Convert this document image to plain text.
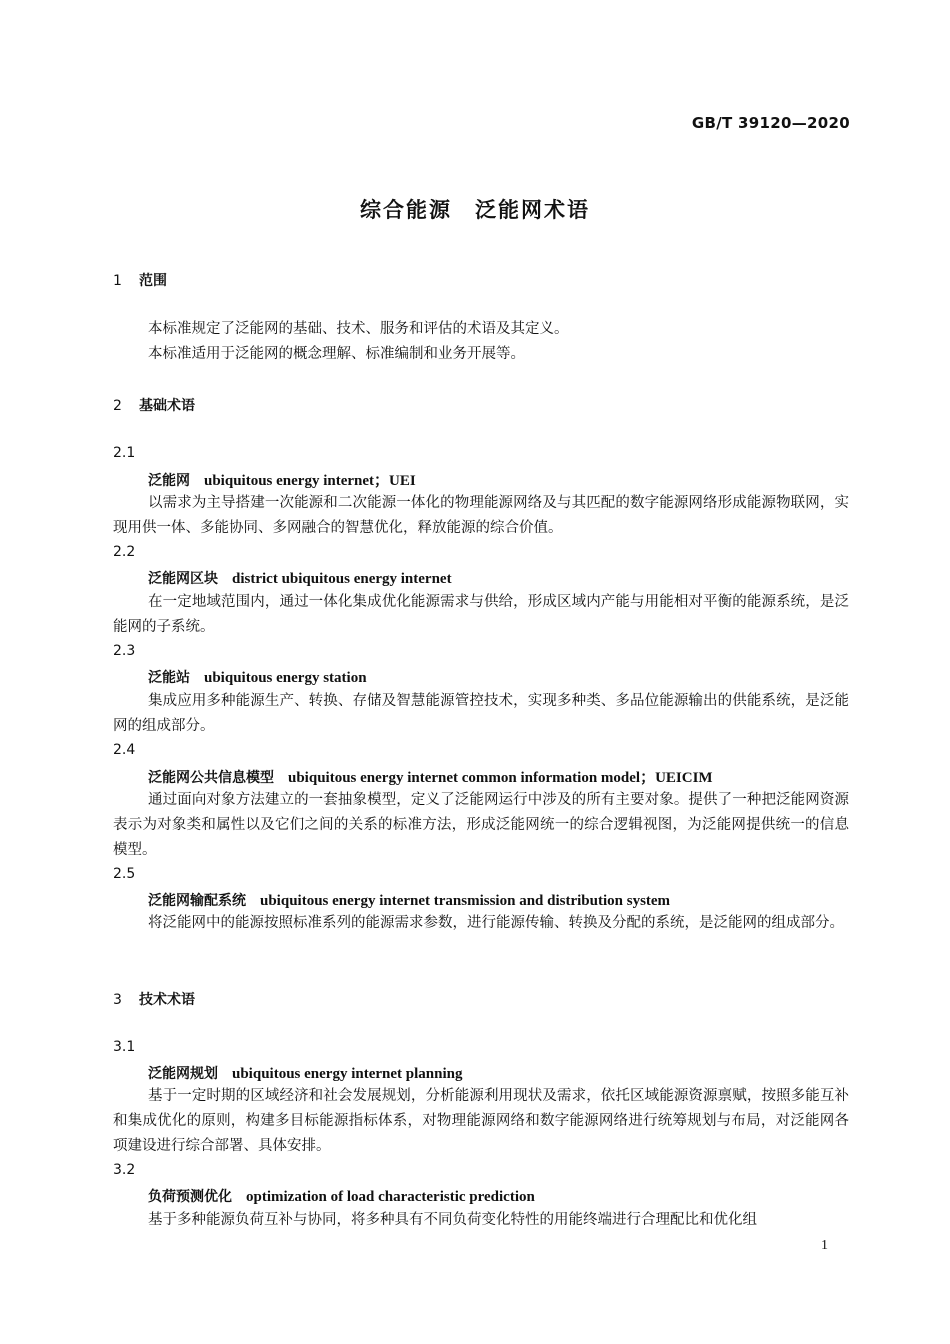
GB/T 39120—2020
综合能源　泛能网术语
1 范围
本标准规定了泛能网的基础、技术、服务和评估的术语及其定义。
本标准适用于泛能网的概念理解、标准编制和业务开展等。
2 基础术语
2.1
泛能网 ubiquitous energy internet；UEI
以需求为主导搭建一次能源和二次能源一体化的物理能源网络及与其匹配的数字能源网络形成能源物联网，实现用供一体、多能协同、多网融合的智慧优化，释放能源的综合价值。
2.2
泛能网区块 district ubiquitous energy internet
在一定地域范围内，通过一体化集成优化能源需求与供给，形成区域内产能与用能相对平衡的能源系统，是泛能网的子系统。
2.3
泛能站 ubiquitous energy station
集成应用多种能源生产、转换、存储及智慧能源管控技术，实现多种类、多品位能源输出的供能系统，是泛能网的组成部分。
2.4
泛能网公共信息模型 ubiquitous energy internet common information model；UEICIM
通过面向对象方法建立的一套抽象模型，定义了泛能网运行中涉及的所有主要对象。提供了一种把泛能网资源表示为对象类和属性以及它们之间的关系的标准方法，形成泛能网统一的综合逻辑视图，为泛能网提供统一的信息模型。
2.5
泛能网输配系统 ubiquitous energy internet transmission and distribution system
将泛能网中的能源按照标准系列的能源需求参数，进行能源传输、转换及分配的系统，是泛能网的组成部分。
3 技术术语
3.1
泛能网规划 ubiquitous energy internet planning
基于一定时期的区域经济和社会发展规划，分析能源利用现状及需求，依托区域能源资源禀赋，按照多能互补和集成优化的原则，构建多目标能源指标体系，对物理能源网络和数字能源网络进行统筹规划与布局，对泛能网各项建设进行综合部署、具体安排。
3.2
负荷预测优化 optimization of load characteristic prediction
基于多种能源负荷互补与协同，将多种具有不同负荷变化特性的用能终端进行合理配比和优化组
1
